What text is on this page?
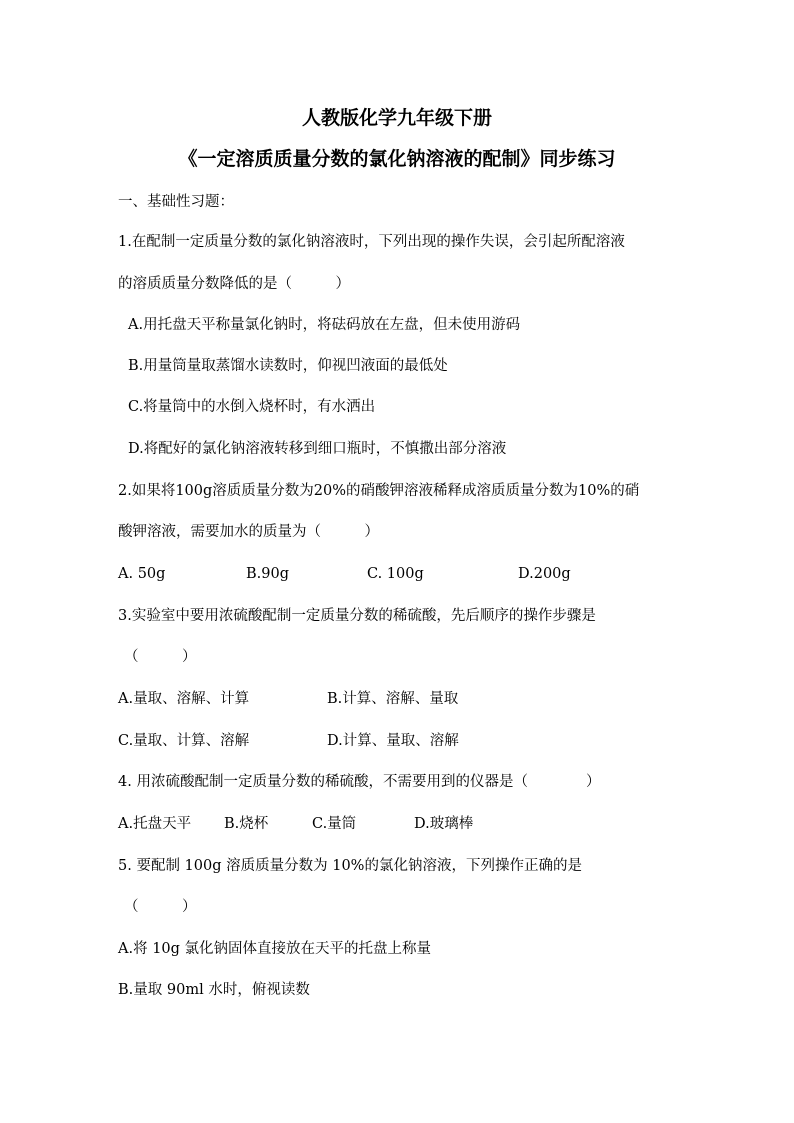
人教版化学九年级下册
《一定溶质质量分数的氯化钠溶液的配制》同步练习
一、基础性习题：
1.在配制一定质量分数的氯化钠溶液时，下列出现的操作失误，会引起所配溶液
的溶质质量分数降低的是（　　　）
A.用托盘天平称量氯化钠时，将砝码放在左盘，但未使用游码
B.用量筒量取蒸馏水读数时，仰视凹液面的最低处
C.将量筒中的水倒入烧杯时，有水洒出
D.将配好的氯化钠溶液转移到细口瓶时，不慎撒出部分溶液
2.如果将100g溶质质量分数为20%的硝酸钾溶液稀释成溶质质量分数为10%的硝
酸钾溶液，需要加水的质量为（　　　）
A. 50g	B.90g	C. 100g	D.200g
3.实验室中要用浓硫酸配制一定质量分数的稀硫酸，先后顺序的操作步骤是
（　　　）
A.量取、溶解、计算	B.计算、溶解、量取
C.量取、计算、溶解	D.计算、量取、溶解
4. 用浓硫酸配制一定质量分数的稀硫酸，不需要用到的仪器是（　　　　）
A.托盘天平 B.烧杯	C.量筒	D.玻璃棒
5. 要配制 100g 溶质质量分数为 10%的氯化钠溶液，下列操作正确的是
（　　　）
A.将 10g 氯化钠固体直接放在天平的托盘上称量
B.量取 90ml 水时，俯视读数
